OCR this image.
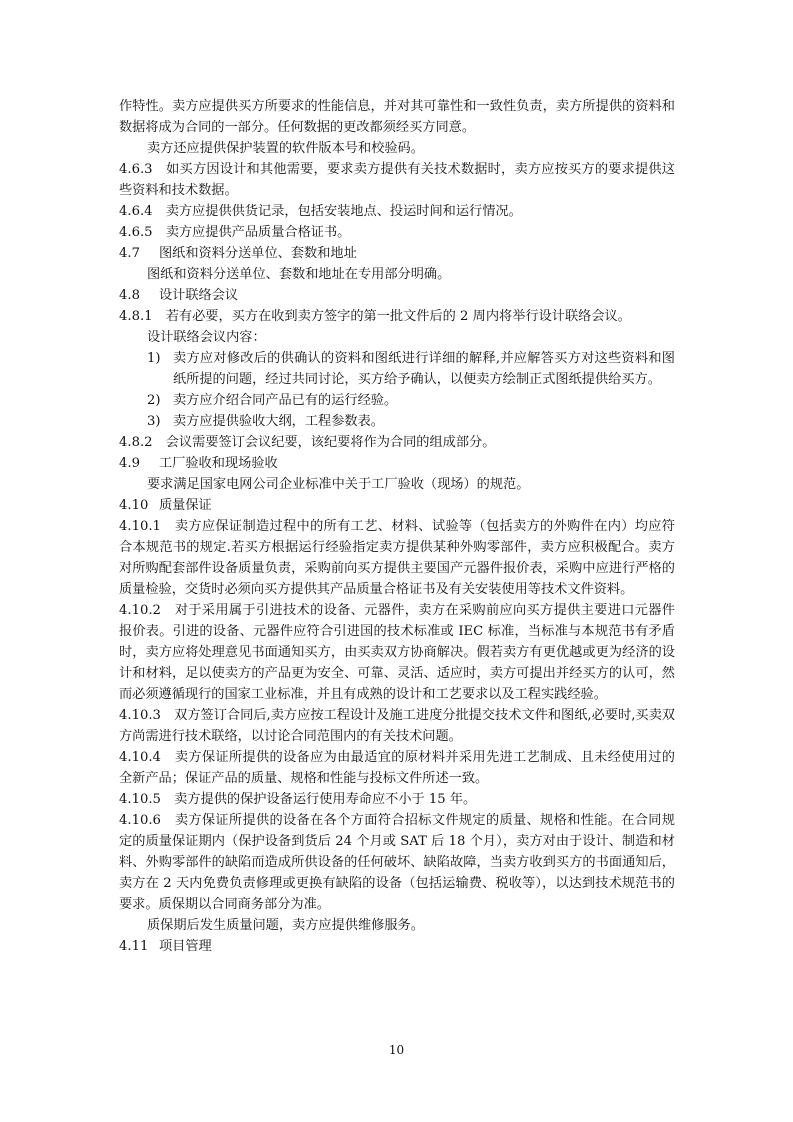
作特性。卖方应提供买方所要求的性能信息，并对其可靠性和一致性负责，卖方所提供的资料和数据将成为合同的一部分。任何数据的更改都须经买方同意。

卖方还应提供保护装置的软件版本号和校验码。

4.6.3　如买方因设计和其他需要，要求卖方提供有关技术数据时，卖方应按买方的要求提供这些资料和技术数据。

4.6.4　卖方应提供供货记录，包括安装地点、投运时间和运行情况。

4.6.5　卖方应提供产品质量合格证书。

4.7 图纸和资料分送单位、套数和地址

图纸和资料分送单位、套数和地址在专用部分明确。

4.8 设计联络会议

4.8.1　若有必要，买方在收到卖方签字的第一批文件后的 2 周内将举行设计联络会议。

设计联络会议内容：

1) 卖方应对修改后的供确认的资料和图纸进行详细的解释,并应解答买方对这些资料和图纸所提的问题，经过共同讨论，买方给予确认，以便卖方绘制正式图纸提供给买方。
2) 卖方应介绍合同产品已有的运行经验。
3) 卖方应提供验收大纲，工程参数表。

4.8.2　会议需要签订会议纪要，该纪要将作为合同的组成部分。

4.9 工厂验收和现场验收

要求满足国家电网公司企业标准中关于工厂验收（现场）的规范。

4.10 质量保证

4.10.1　卖方应保证制造过程中的所有工艺、材料、试验等（包括卖方的外购件在内）均应符合本规范书的规定.若买方根据运行经验指定卖方提供某种外购零部件，卖方应积极配合。卖方对所购配套部件设备质量负责，采购前向买方提供主要国产元器件报价表，采购中应进行严格的质量检验，交货时必须向买方提供其产品质量合格证书及有关安装使用等技术文件资料。

4.10.2　对于采用属于引进技术的设备、元器件，卖方在采购前应向买方提供主要进口元器件报价表。引进的设备、元器件应符合引进国的技术标准或 IEC 标准，当标准与本规范书有矛盾时，卖方应将处理意见书面通知买方，由买卖双方协商解决。假若卖方有更优越或更为经济的设计和材料，足以使卖方的产品更为安全、可靠、灵活、适应时，卖方可提出并经买方的认可，然而必须遵循现行的国家工业标准，并且有成熟的设计和工艺要求以及工程实践经验。

4.10.3　双方签订合同后,卖方应按工程设计及施工进度分批提交技术文件和图纸,必要时,买卖双方尚需进行技术联络，以讨论合同范围内的有关技术问题。

4.10.4　卖方保证所提供的设备应为由最适宜的原材料并采用先进工艺制成、且未经使用过的全新产品；保证产品的质量、规格和性能与投标文件所述一致。

4.10.5　卖方提供的保护设备运行使用寿命应不小于 15 年。

4.10.6　卖方保证所提供的设备在各个方面符合招标文件规定的质量、规格和性能。在合同规定的质量保证期内（保护设备到货后 24 个月或 SAT 后 18 个月），卖方对由于设计、制造和材料、外购零部件的缺陷而造成所供设备的任何破坏、缺陷故障，当卖方收到买方的书面通知后，卖方在 2 天内免费负责修理或更换有缺陷的设备（包括运输费、税收等），以达到技术规范书的要求。质保期以合同商务部分为准。

质保期后发生质量问题，卖方应提供维修服务。

4.11 项目管理

10
